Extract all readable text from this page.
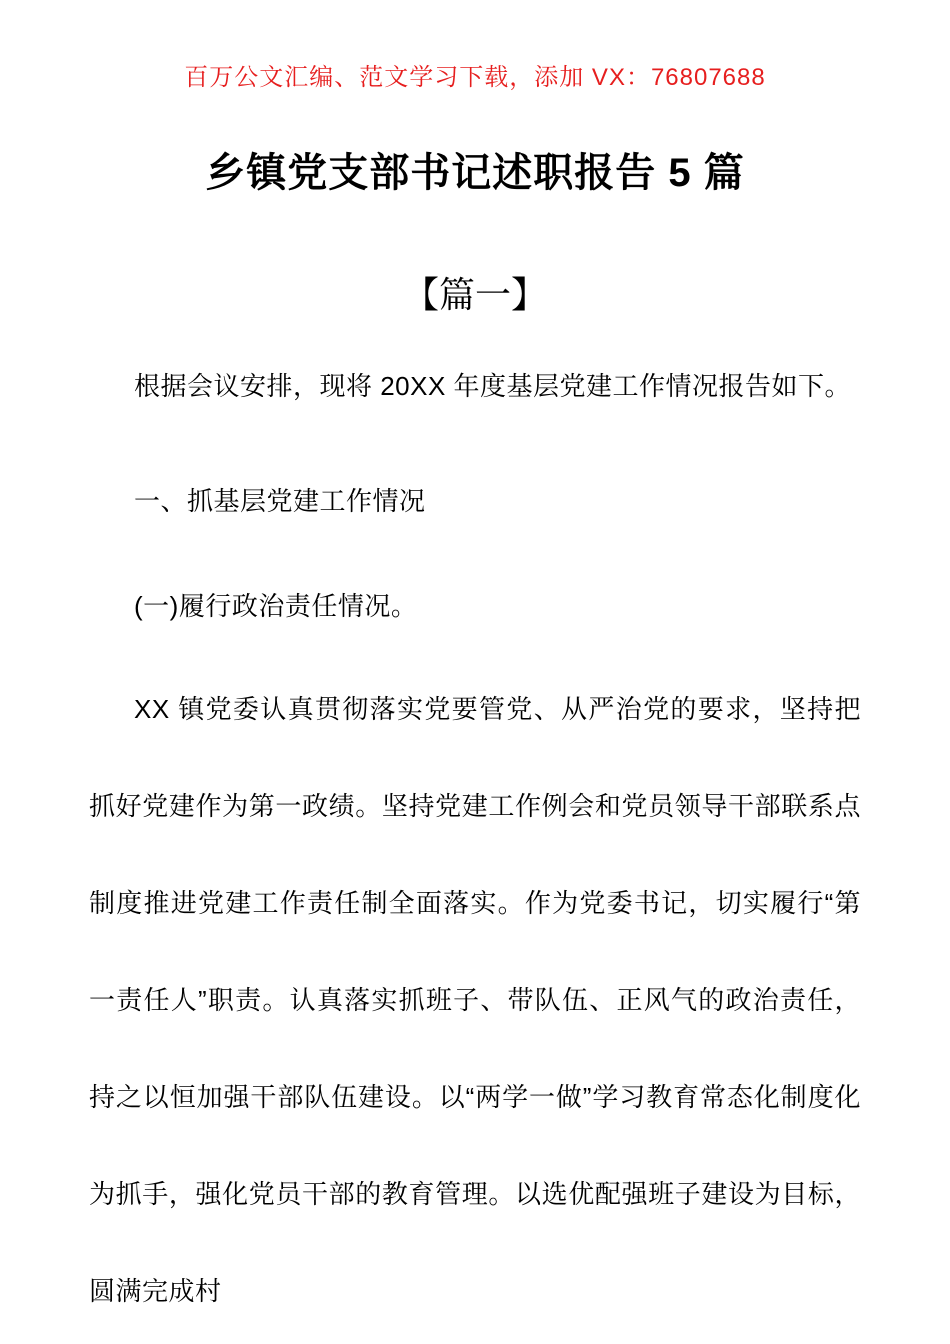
百万公文汇编、范文学习下载，添加 VX：76807688
乡镇党支部书记述职报告 5 篇
【篇一】

根据会议安排，现将 20XX 年度基层党建工作情况报告如下。

一、抓基层党建工作情况

(一)履行政治责任情况。

XX 镇党委认真贯彻落实党要管党、从严治党的要求，坚持把抓好党建作为第一政绩。坚持党建工作例会和党员领导干部联系点制度推进党建工作责任制全面落实。作为党委书记，切实履行“第一责任人”职责。认真落实抓班子、带队伍、正风气的政治责任，持之以恒加强干部队伍建设。以“两学一做”学习教育常态化制度化为抓手，强化党员干部的教育管理。以选优配强班子建设为目标，圆满完成村
